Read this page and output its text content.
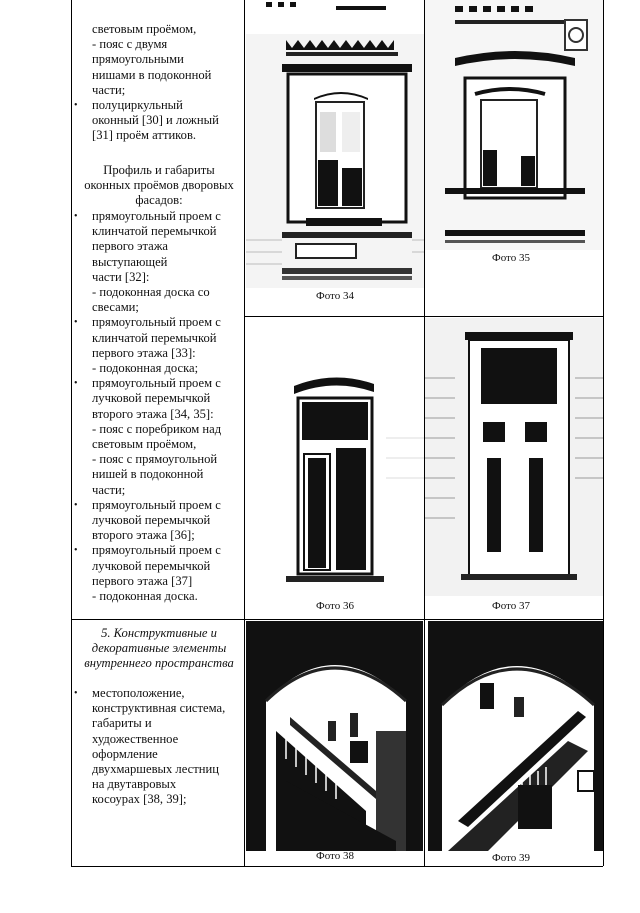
световым проёмом,
- пояс с двумя
прямоугольными
нишами в подоконной
части;
• полуциркульный
оконный [30] и ложный
[31] проём аттиков.
Профиль и габариты
оконных проёмов дворовых
фасадов:
• прямоугольный проем с
клинчатой перемычкой
первого этажа
выступающей
части [32]:
- подоконная доска со
свесами;
• прямоугольный проем с
клинчатой перемычкой
первого этажа [33]:
- подоконная доска;
• прямоугольный проем с
лучковой перемычкой
второго этажа [34, 35]:
- пояс с поребриком над
световым проёмом,
- пояс с прямоугольной
нишей в подоконной
части;
• прямоугольный проем с
лучковой перемычкой
второго этажа [36];
• прямоугольный проем с
лучковой перемычкой
первого этажа [37]
- подоконная доска.
5. Конструктивные и
декоративные элементы
внутреннего пространства
• местоположение,
конструктивная система,
габариты и
художественное
оформление
двухмаршевых лестниц
на двутавровых
косоурах [38, 39];
Фото 34
Фото 35
Фото 36	Фото 37
Фото 38	Фото 39
